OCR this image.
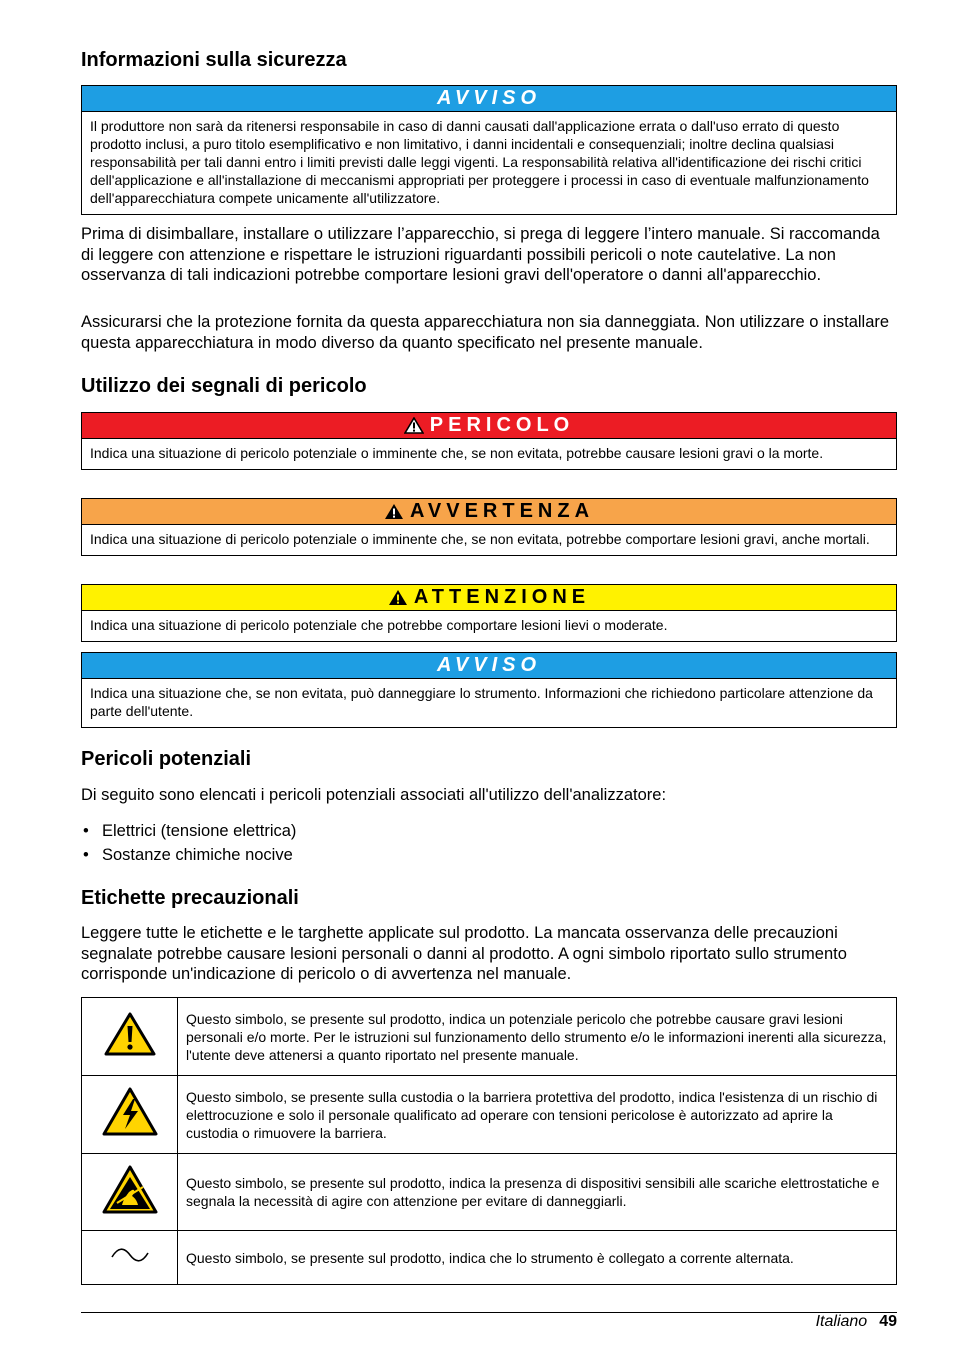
Informazioni sulla sicurezza
AVVISO
Il produttore non sarà da ritenersi responsabile in caso di danni causati dall'applicazione errata o dall'uso errato di questo prodotto inclusi, a puro titolo esemplificativo e non limitativo, i danni incidentali e consequenziali; inoltre declina qualsiasi responsabilità per tali danni entro i limiti previsti dalle leggi vigenti. La responsabilità relativa all'identificazione dei rischi critici dell'applicazione e all'installazione di meccanismi appropriati per proteggere i processi in caso di eventuale malfunzionamento dell'apparecchiatura compete unicamente all'utilizzatore.

Prima di disimballare, installare o utilizzare l’apparecchio, si prega di leggere l’intero manuale. Si raccomanda di leggere con attenzione e rispettare le istruzioni riguardanti possibili pericoli o note cautelative. La non osservanza di tali indicazioni potrebbe comportare lesioni gravi dell'operatore o danni all'apparecchio.

Assicurarsi che la protezione fornita da questa apparecchiatura non sia danneggiata. Non utilizzare o installare questa apparecchiatura in modo diverso da quanto specificato nel presente manuale.

Utilizzo dei segnali di pericolo
PERICOLO
Indica una situazione di pericolo potenziale o imminente che, se non evitata, potrebbe causare lesioni gravi o la morte.
AVVERTENZA
Indica una situazione di pericolo potenziale o imminente che, se non evitata, potrebbe comportare lesioni gravi, anche mortali.
ATTENZIONE
Indica una situazione di pericolo potenziale che potrebbe comportare lesioni lievi o moderate.
AVVISO
Indica una situazione che, se non evitata, può danneggiare lo strumento. Informazioni che richiedono particolare attenzione da parte dell'utente.
Pericoli potenziali

Di seguito sono elencati i pericoli potenziali associati all'utilizzo dell'analizzatore:

• Elettrici (tensione elettrica)
• Sostanze chimiche nocive
Etichette precauzionali

Leggere tutte le etichette e le targhette applicate sul prodotto. La mancata osservanza delle precauzioni segnalate potrebbe causare lesioni personali o danni al prodotto. A ogni simbolo riportato sullo strumento corrisponde un'indicazione di pericolo o di avvertenza nel manuale.

	Questo simbolo, se presente sul prodotto, indica un potenziale pericolo che potrebbe causare gravi lesioni personali e/o morte. Per le istruzioni sul funzionamento dello strumento e/o le informazioni inerenti alla sicurezza, l'utente deve attenersi a quanto riportato nel presente manuale.
	Questo simbolo, se presente sulla custodia o la barriera protettiva del prodotto, indica l'esistenza di un rischio di elettrocuzione e solo il personale qualificato ad operare con tensioni pericolose è autorizzato ad aprire la custodia o rimuovere la barriera.
	Questo simbolo, se presente sul prodotto, indica la presenza di dispositivi sensibili alle scariche elettrostatiche e segnala la necessità di agire con attenzione per evitare di danneggiarli.
	Questo simbolo, se presente sul prodotto, indica che lo strumento è collegato a corrente alternata.
Italiano 49
